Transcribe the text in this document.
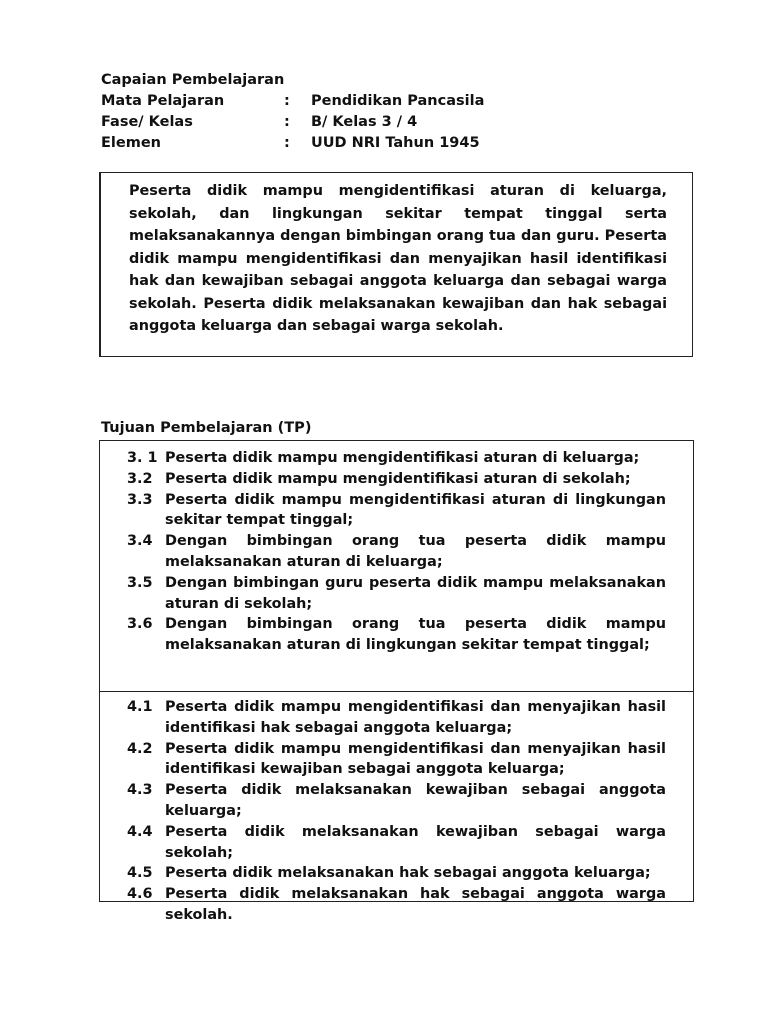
Capaian Pembelajaran
Mata Pelajaran	: Pendidikan Pancasila
Fase/ Kelas	: B/ Kelas 3 / 4
Elemen	: UUD NRI Tahun 1945

Peserta didik mampu mengidentifikasi aturan di keluarga, sekolah, dan lingkungan sekitar tempat tinggal serta melaksanakannya dengan bimbingan orang tua dan guru. Peserta didik mampu mengidentifikasi dan menyajikan hasil identifikasi hak dan kewajiban sebagai anggota keluarga dan sebagai warga sekolah. Peserta didik melaksanakan kewajiban dan hak sebagai anggota keluarga dan sebagai warga sekolah.

Tujuan Pembelajaran (TP)
3. 1 Peserta didik mampu mengidentifikasi aturan di keluarga;
3.2 Peserta didik mampu mengidentifikasi aturan di sekolah;
3.3 Peserta didik mampu mengidentifikasi aturan di lingkungan sekitar tempat tinggal;
3.4 Dengan bimbingan orang tua peserta didik mampu melaksanakan aturan di keluarga;
3.5 Dengan bimbingan guru peserta didik mampu melaksanakan aturan di sekolah;
3.6 Dengan bimbingan orang tua peserta didik mampu melaksanakan aturan di lingkungan sekitar tempat tinggal;
4.1 Peserta didik mampu mengidentifikasi dan menyajikan hasil identifikasi hak sebagai anggota keluarga;
4.2 Peserta didik mampu mengidentifikasi dan menyajikan hasil identifikasi kewajiban sebagai anggota keluarga;
4.3 Peserta didik melaksanakan kewajiban sebagai anggota keluarga;
4.4 Peserta didik melaksanakan kewajiban sebagai warga sekolah;
4.5 Peserta didik melaksanakan hak sebagai anggota keluarga;
4.6 Peserta didik melaksanakan hak sebagai anggota warga sekolah.
